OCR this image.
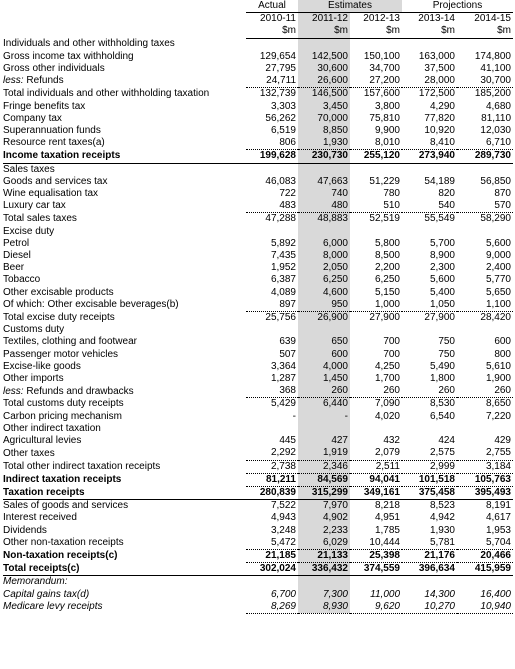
	Actual	Estimates		Projections	
	2010-11	2011-12	2012-13	2013-14	2014-15
	$m	$m	$m	$m	$m
Individuals and other withholding taxes					
Gross income tax withholding	129,654	142,500	150,100	163,000	174,800
Gross other individuals	27,795	30,600	34,700	37,500	41,100
less: Refunds	24,711	26,600	27,200	28,000	30,700
Total individuals and other withholding taxation	132,739	146,500	157,600	172,500	185,200
Fringe benefits tax	3,303	3,450	3,800	4,290	4,680
Company tax	56,262	70,000	75,810	77,820	81,110
Superannuation funds	6,519	8,850	9,900	10,920	12,030
Resource rent taxes(a)	806	1,930	8,010	8,410	6,710
Income taxation receipts	199,628	230,730	255,120	273,940	289,730
Sales taxes					
Goods and services tax	46,083	47,663	51,229	54,189	56,850
Wine equalisation tax	722	740	780	820	870
Luxury car tax	483	480	510	540	570
Total sales taxes	47,288	48,883	52,519	55,549	58,290
Excise duty					
Petrol	5,892	6,000	5,800	5,700	5,600
Diesel	7,435	8,000	8,500	8,900	9,000
Beer	1,952	2,050	2,200	2,300	2,400
Tobacco	6,387	6,250	6,250	5,600	5,770
Other excisable products	4,089	4,600	5,150	5,400	5,650
Of which: Other excisable beverages(b)	897	950	1,000	1,050	1,100
Total excise duty receipts	25,756	26,900	27,900	27,900	28,420
Customs duty					
Textiles, clothing and footwear	639	650	700	750	600
Passenger motor vehicles	507	600	700	750	800
Excise-like goods	3,364	4,000	4,250	5,490	5,610
Other imports	1,287	1,450	1,700	1,800	1,900
less: Refunds and drawbacks	368	260	260	260	260
Total customs duty receipts	5,429	6,440	7,090	8,530	8,650
Carbon pricing mechanism	-	-	4,020	6,540	7,220
Other indirect taxation					
Agricultural levies	445	427	432	424	429
Other taxes	2,292	1,919	2,079	2,575	2,755
Total other indirect taxation receipts	2,738	2,346	2,511	2,999	3,184
Indirect taxation receipts	81,211	84,569	94,041	101,518	105,763
Taxation receipts	280,839	315,299	349,161	375,458	395,493
Sales of goods and services	7,522	7,970	8,218	8,523	8,191
Interest received	4,943	4,902	4,951	4,942	4,617
Dividends	3,248	2,233	1,785	1,930	1,953
Other non-taxation receipts	5,472	6,029	10,444	5,781	5,704
Non-taxation receipts(c)	21,185	21,133	25,398	21,176	20,466
Total receipts(c)	302,024	336,432	374,559	396,634	415,959
Memorandum:					
Capital gains tax(d)	6,700	7,300	11,000	14,300	16,400
Medicare levy receipts	8,269	8,930	9,620	10,270	10,940
